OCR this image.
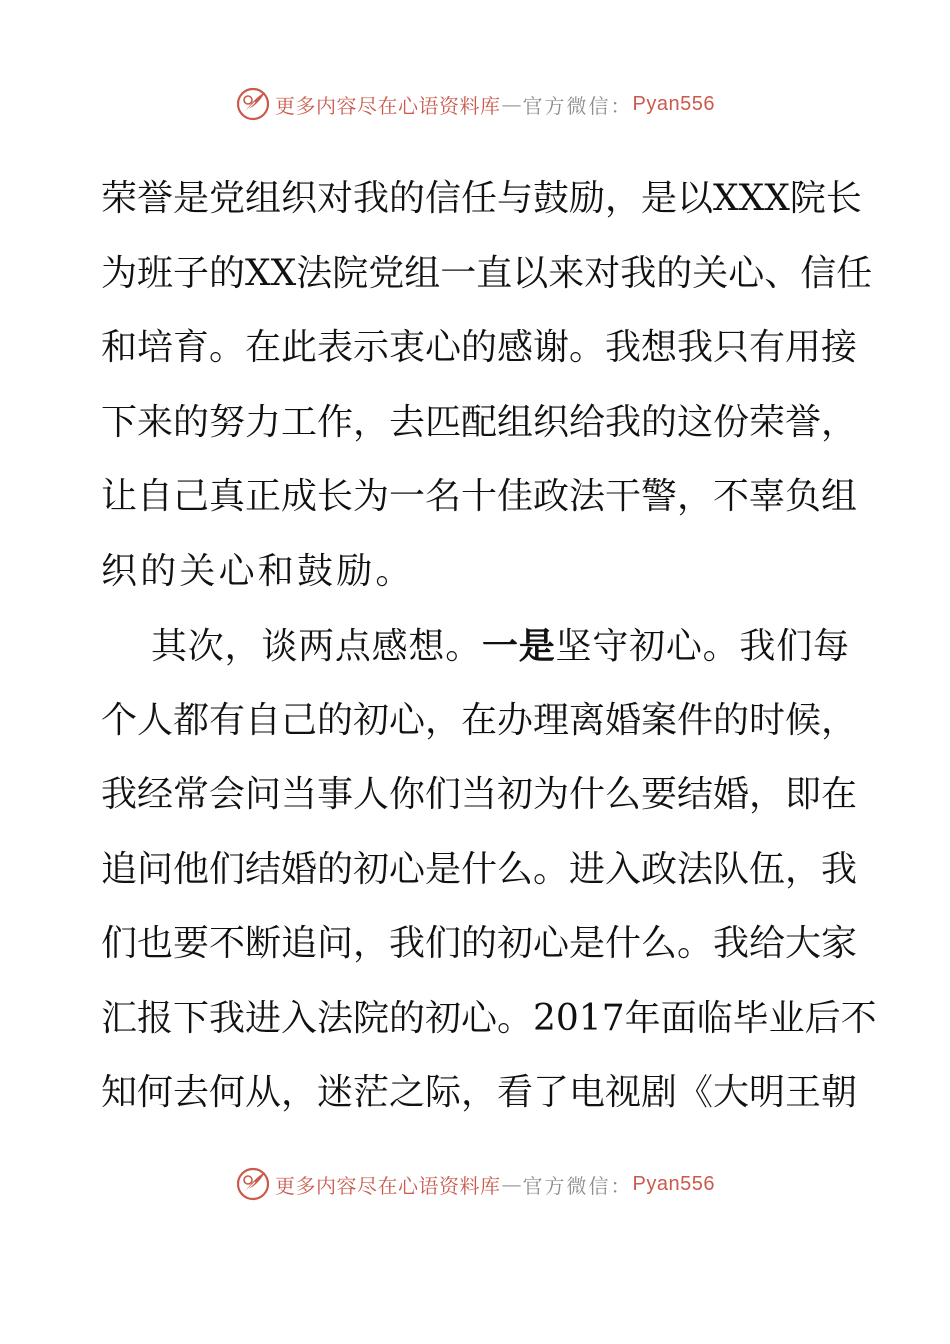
更多内容尽在心语资料库 — 官方微信： Pyan556
荣誉是党组织对我的信任与鼓励，是以XXX院长
为班子的XX法院党组一直以来对我的关心、信任
和培育。在此表示衷心的感谢。我想我只有用接
下来的努力工作，去匹配组织给我的这份荣誉，
让自己真正成长为一名十佳政法干警，不辜负组
织的关心和鼓励。
其次，谈两点感想。一是坚守初心。我们每
个人都有自己的初心，在办理离婚案件的时候，
我经常会问当事人你们当初为什么要结婚，即在
追问他们结婚的初心是什么。进入政法队伍，我
们也要不断追问，我们的初心是什么。我给大家
汇报下我进入法院的初心。2017年面临毕业后不
知何去何从，迷茫之际，看了电视剧《大明王朝
更多内容尽在心语资料库 — 官方微信： Pyan556
